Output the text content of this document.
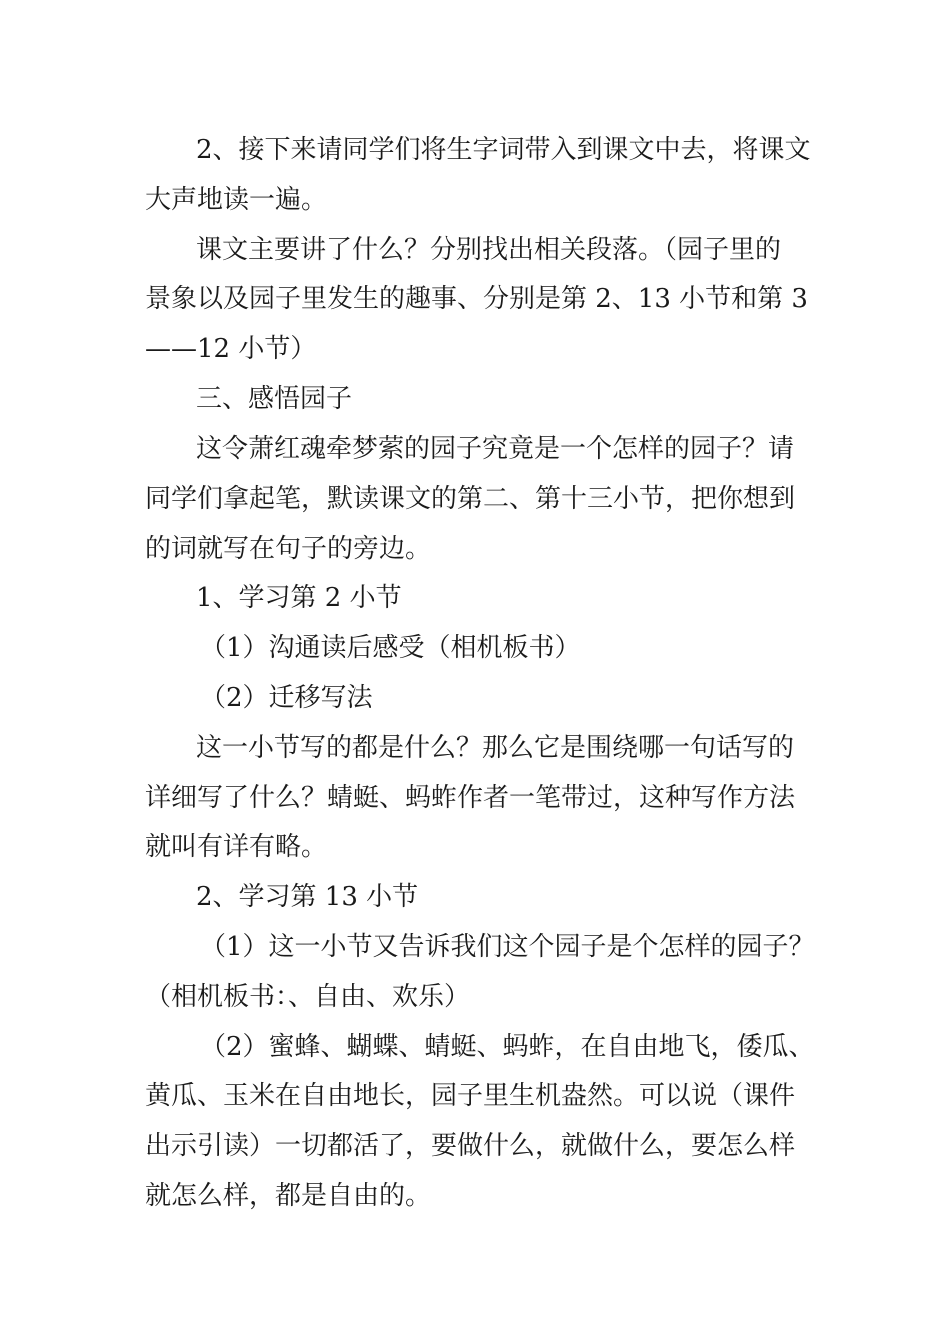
2、接下来请同学们将生字词带入到课文中去，将课文
大声地读一遍。
课文主要讲了什么？分别找出相关段落。（园子里的
景象以及园子里发生的趣事、分别是第 2、13 小节和第 3
——12 小节）
三、感悟园子
这令萧红魂牵梦萦的园子究竟是一个怎样的园子？请
同学们拿起笔，默读课文的第二、第十三小节，把你想到
的词就写在句子的旁边。
1、学习第 2 小节
（1）沟通读后感受（相机板书）
（2）迁移写法
这一小节写的都是什么？那么它是围绕哪一句话写的
详细写了什么？蜻蜓、蚂蚱作者一笔带过，这种写作方法
就叫有详有略。
2、学习第 13 小节
（1）这一小节又告诉我们这个园子是个怎样的园子？
（相机板书：、自由、欢乐）
（2）蜜蜂、蝴蝶、蜻蜓、蚂蚱，在自由地飞，倭瓜、
黄瓜、玉米在自由地长，园子里生机盎然。可以说（课件
出示引读）一切都活了，要做什么，就做什么，要怎么样
就怎么样，都是自由的。
